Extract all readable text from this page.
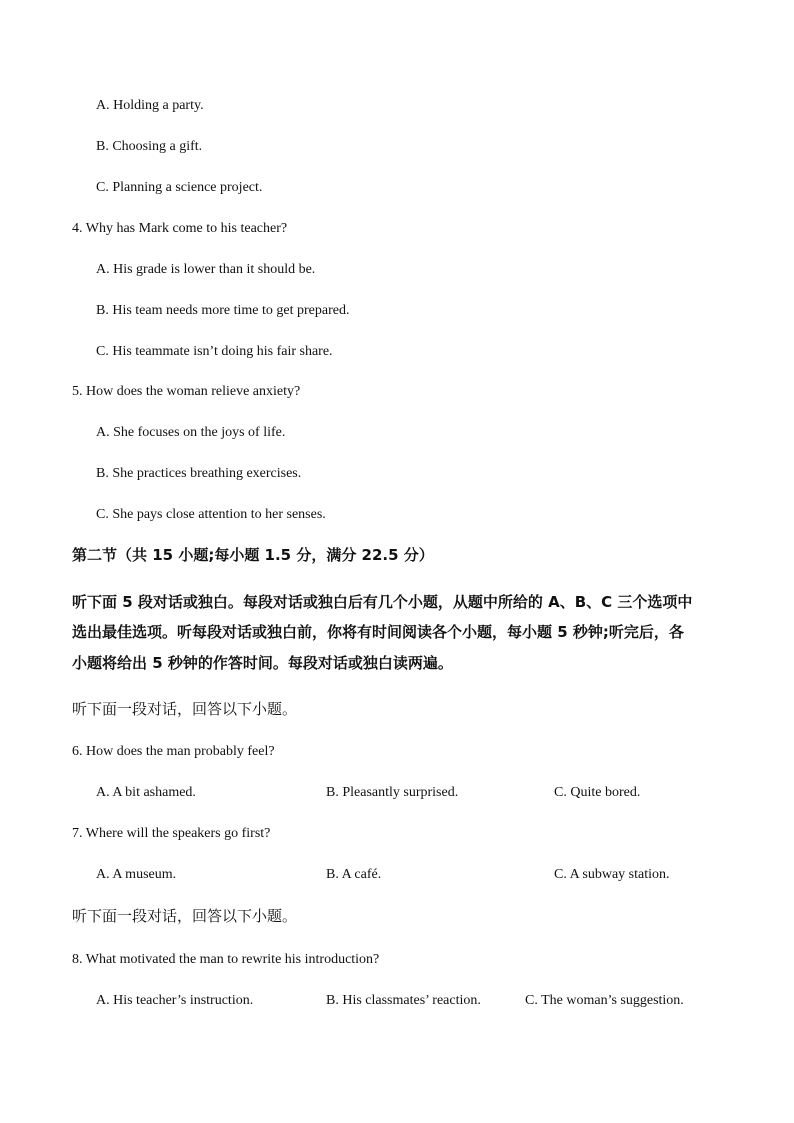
A. Holding a party.
B. Choosing a gift.
C. Planning a science project.
4. Why has Mark come to his teacher?
A. His grade is lower than it should be.
B. His team needs more time to get prepared.
C. His teammate isn’t doing his fair share.
5. How does the woman relieve anxiety?
A. She focuses on the joys of life.
B. She practices breathing exercises.
C. She pays close attention to her senses.
第二节（共 15 小题;每小题 1.5 分，满分 22.5 分）
听下面 5 段对话或独白。每段对话或独白后有几个小题，从题中所给的 A、B、C 三个选项中
选出最佳选项。听每段对话或独白前，你将有时间阅读各个小题，每小题 5 秒钟;听完后，各
小题将给出 5 秒钟的作答时间。每段对话或独白读两遍。
听下面一段对话，回答以下小题。
6. How does the man probably feel?
A. A bit ashamed.	B. Pleasantly surprised.	C. Quite bored.
7. Where will the speakers go first?
A. A museum.	B. A café.	C. A subway station.
听下面一段对话，回答以下小题。
8. What motivated the man to rewrite his introduction?
A. His teacher’s instruction.	B. His classmates’ reaction.	C. The woman’s suggestion.
